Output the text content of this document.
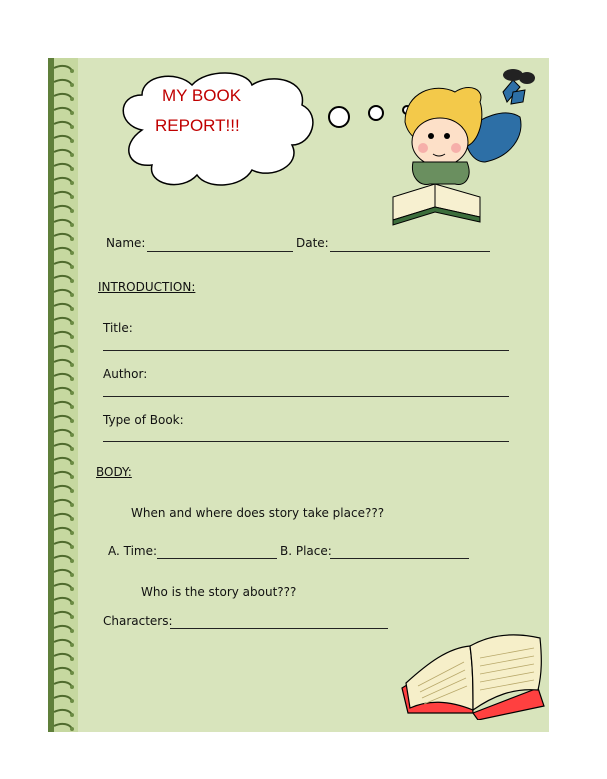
MY BOOK
REPORT!!!
Name:	Date:
INTRODUCTION:
Title:
Author:
Type of Book:
BODY:
When and where does story take place???
A. Time:	B. Place:
Who is the story about???
Characters:
